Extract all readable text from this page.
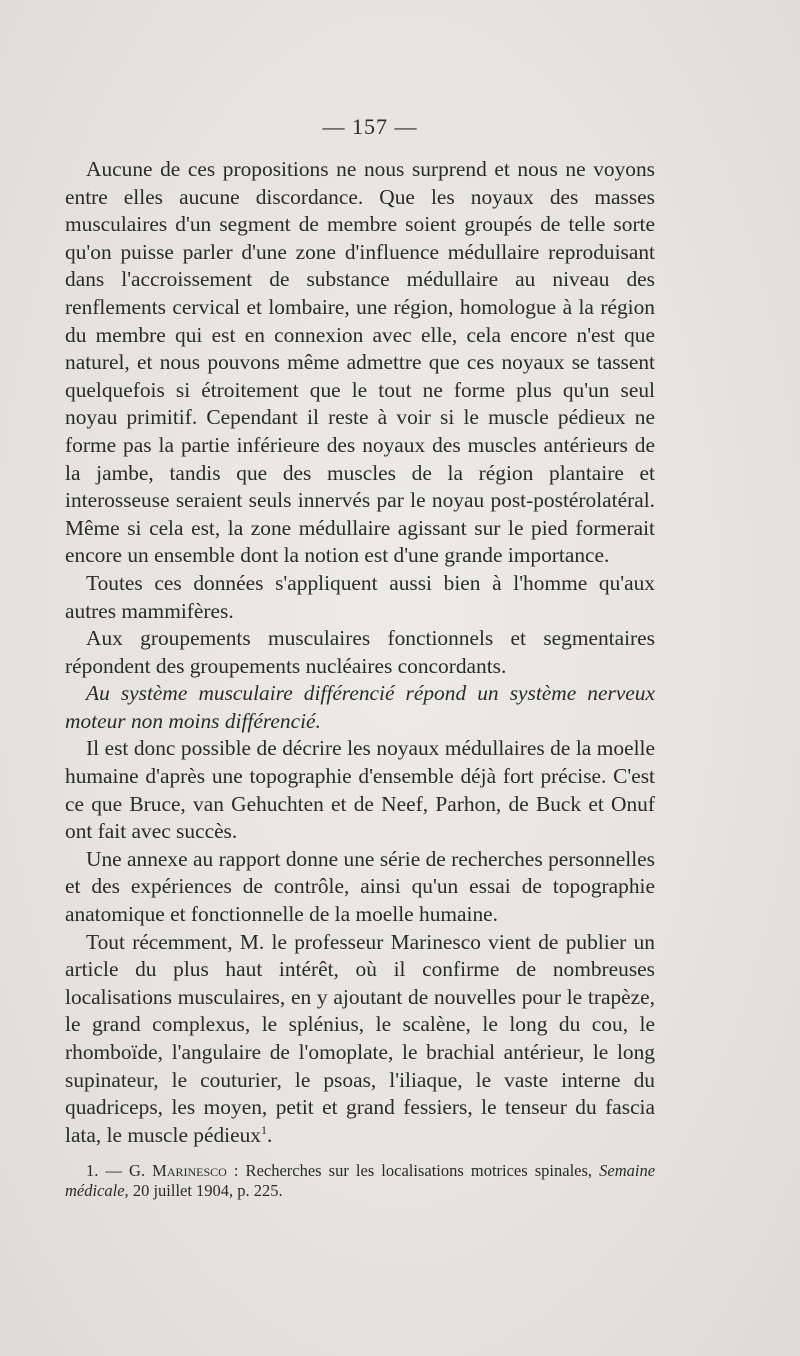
— 157 —

Aucune de ces propositions ne nous surprend et nous ne voyons entre elles aucune discordance. Que les noyaux des masses musculaires d'un segment de membre soient groupés de telle sorte qu'on puisse parler d'une zone d'influence médullaire reproduisant dans l'accroissement de substance médullaire au niveau des renflements cervical et lombaire, une région, homologue à la région du membre qui est en connexion avec elle, cela encore n'est que naturel, et nous pouvons même admettre que ces noyaux se tassent quelquefois si étroitement que le tout ne forme plus qu'un seul noyau primitif. Cependant il reste à voir si le muscle pédieux ne forme pas la partie inférieure des noyaux des muscles antérieurs de la jambe, tandis que des muscles de la région plantaire et interosseuse seraient seuls innervés par le noyau post-postérolatéral. Même si cela est, la zone médullaire agissant sur le pied formerait encore un ensemble dont la notion est d'une grande importance.

Toutes ces données s'appliquent aussi bien à l'homme qu'aux autres mammifères.

Aux groupements musculaires fonctionnels et segmentaires répondent des groupements nucléaires concordants.

Au système musculaire différencié répond un système nerveux moteur non moins différencié.

Il est donc possible de décrire les noyaux médullaires de la moelle humaine d'après une topographie d'ensemble déjà fort précise. C'est ce que Bruce, van Gehuchten et de Neef, Parhon, de Buck et Onuf ont fait avec succès.

Une annexe au rapport donne une série de recherches personnelles et des expériences de contrôle, ainsi qu'un essai de topographie anatomique et fonctionnelle de la moelle humaine.

Tout récemment, M. le professeur Marinesco vient de publier un article du plus haut intérêt, où il confirme de nombreuses localisations musculaires, en y ajoutant de nouvelles pour le trapèze, le grand complexus, le splénius, le scalène, le long du cou, le rhomboïde, l'angulaire de l'omoplate, le brachial antérieur, le long supinateur, le couturier, le psoas, l'iliaque, le vaste interne du quadriceps, les moyen, petit et grand fessiers, le tenseur du fascia lata, le muscle pédieux$^1$.

1. — G. Marinesco : Recherches sur les localisations motrices spinales, Semaine médicale, 20 juillet 1904, p. 225.
